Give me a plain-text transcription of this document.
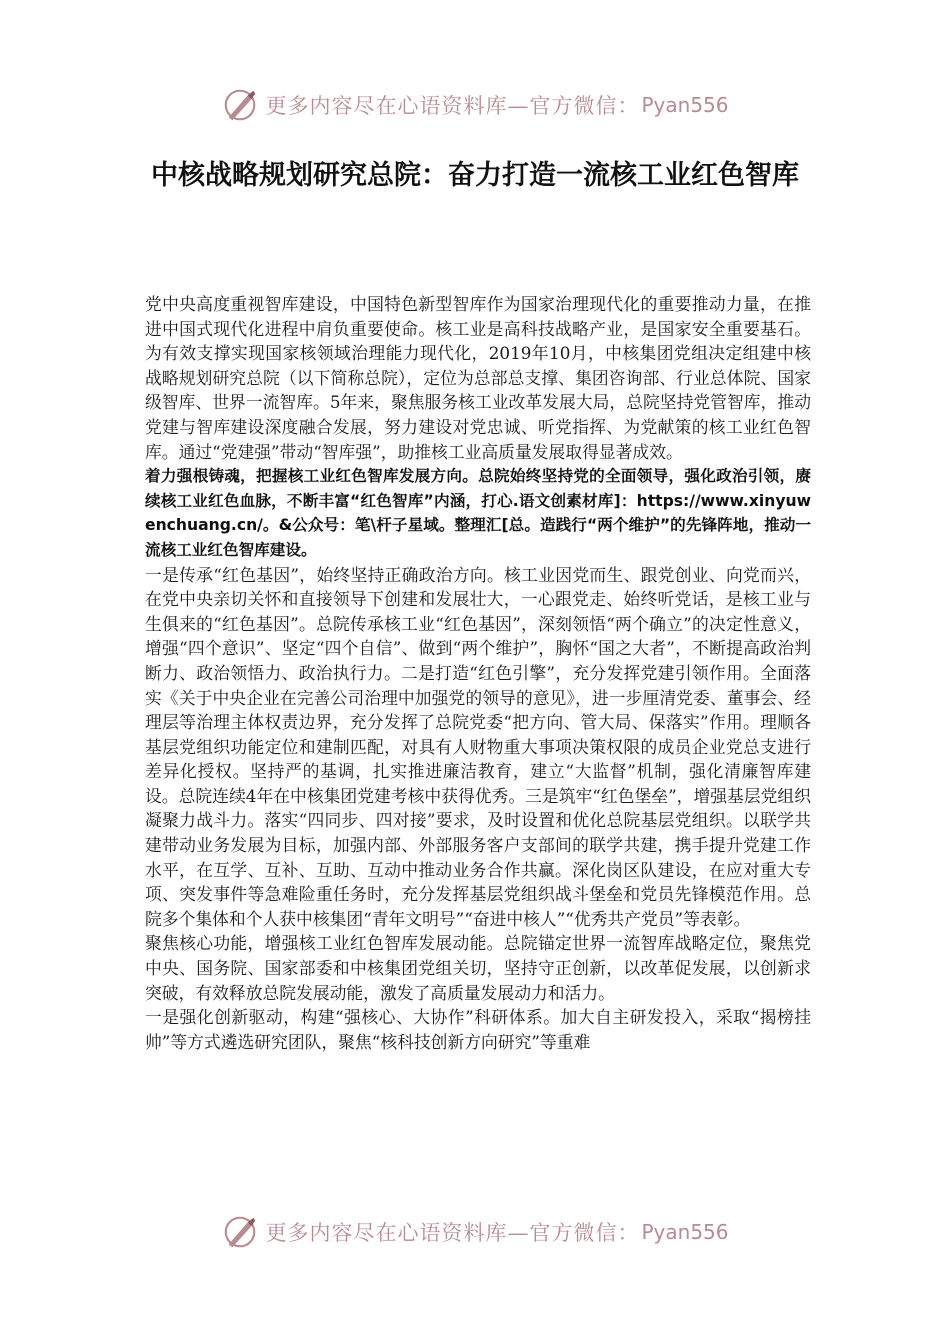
更多内容尽在心语资料库—官方微信： Pyan556
中核战略规划研究总院：奋力打造一流核工业红色智库

党中央高度重视智库建设，中国特色新型智库作为国家治理现代化的重要推动力量，在推进中国式现代化进程中肩负重要使命。核工业是高科技战略产业，是国家安全重要基石。为有效支撑实现国家核领域治理能力现代化，2019年10月，中核集团党组决定组建中核战略规划研究总院（以下简称总院），定位为总部总支撑、集团咨询部、行业总体院、国家级智库、世界一流智库。5年来，聚焦服务核工业改革发展大局，总院坚持党管智库，推动党建与智库建设深度融合发展，努力建设对党忠诚、听党指挥、为党献策的核工业红色智库。通过“党建强”带动“智库强”，助推核工业高质量发展取得显著成效。

着力强根铸魂，把握核工业红色智库发展方向。总院始终坚持党的全面领导，强化政治引领，赓续核工业红色血脉，不断丰富“红色智库”内涵，打心.语文创素材库]：https://www.xinyuwenchuang.cn/。&公众号：笔\杆子星域。整理汇[总。造践行“两个维护”的先锋阵地，推动一流核工业红色智库建设。

一是传承“红色基因”，始终坚持正确政治方向。核工业因党而生、跟党创业、向党而兴，在党中央亲切关怀和直接领导下创建和发展壮大，一心跟党走、始终听党话，是核工业与生俱来的“红色基因”。总院传承核工业“红色基因”，深刻领悟“两个确立”的决定性意义，增强“四个意识”、坚定“四个自信”、做到“两个维护”，胸怀“国之大者”，不断提高政治判断力、政治领悟力、政治执行力。二是打造“红色引擎”，充分发挥党建引领作用。全面落实《关于中央企业在完善公司治理中加强党的领导的意见》，进一步厘清党委、董事会、经理层等治理主体权责边界，充分发挥了总院党委“把方向、管大局、保落实”作用。理顺各基层党组织功能定位和建制匹配，对具有人财物重大事项决策权限的成员企业党总支进行差异化授权。坚持严的基调，扎实推进廉洁教育，建立“大监督”机制，强化清廉智库建设。总院连续4年在中核集团党建考核中获得优秀。三是筑牢“红色堡垒”，增强基层党组织凝聚力战斗力。落实“四同步、四对接”要求，及时设置和优化总院基层党组织。以联学共建带动业务发展为目标，加强内部、外部服务客户支部间的联学共建，携手提升党建工作水平，在互学、互补、互助、互动中推动业务合作共赢。深化岗区队建设，在应对重大专项、突发事件等急难险重任务时，充分发挥基层党组织战斗堡垒和党员先锋模范作用。总院多个集体和个人获中核集团“青年文明号”“奋进中核人”“优秀共产党员”等表彰。

聚焦核心功能，增强核工业红色智库发展动能。总院锚定世界一流智库战略定位，聚焦党中央、国务院、国家部委和中核集团党组关切，坚持守正创新，以改革促发展，以创新求突破，有效释放总院发展动能，激发了高质量发展动力和活力。

一是强化创新驱动，构建“强核心、大协作”科研体系。加大自主研发投入，采取“揭榜挂帅”等方式遴选研究团队，聚焦“核科技创新方向研究”等重难

更多内容尽在心语资料库—官方微信： Pyan556
